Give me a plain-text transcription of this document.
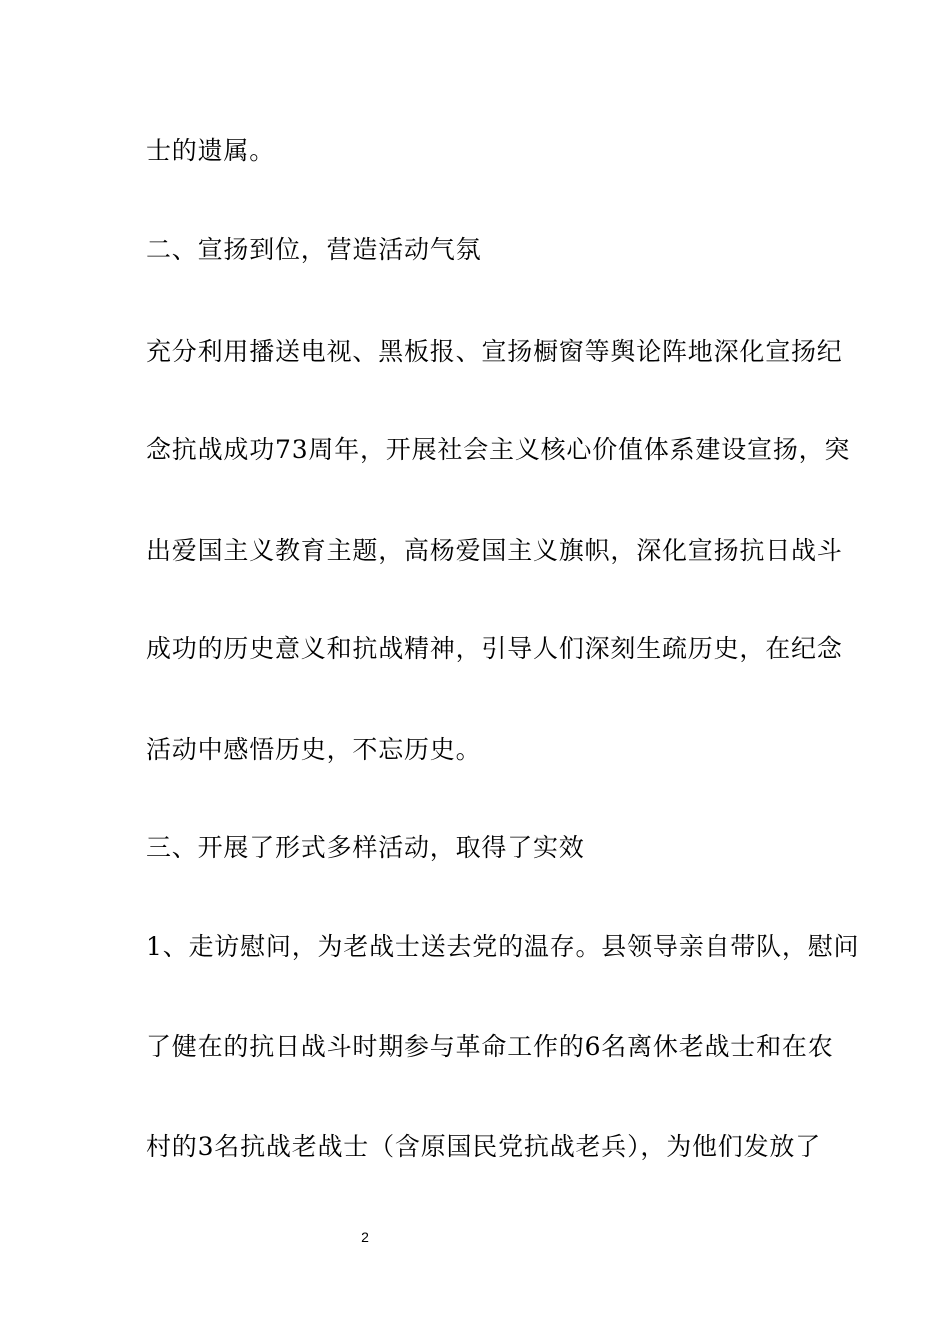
士的遗属。
二、宣扬到位，营造活动气氛
充分利用播送电视、黑板报、宣扬橱窗等舆论阵地深化宣扬纪
念抗战成功73周年，开展社会主义核心价值体系建设宣扬，突
出爱国主义教育主题，高杨爱国主义旗帜，深化宣扬抗日战斗
成功的历史意义和抗战精神，引导人们深刻生疏历史，在纪念
活动中感悟历史，不忘历史。
三、开展了形式多样活动，取得了实效
1、走访慰问，为老战士送去党的温存。县领导亲自带队，慰问
了健在的抗日战斗时期参与革命工作的6名离休老战士和在农
村的3名抗战老战士（含原国民党抗战老兵），为他们发放了
2
